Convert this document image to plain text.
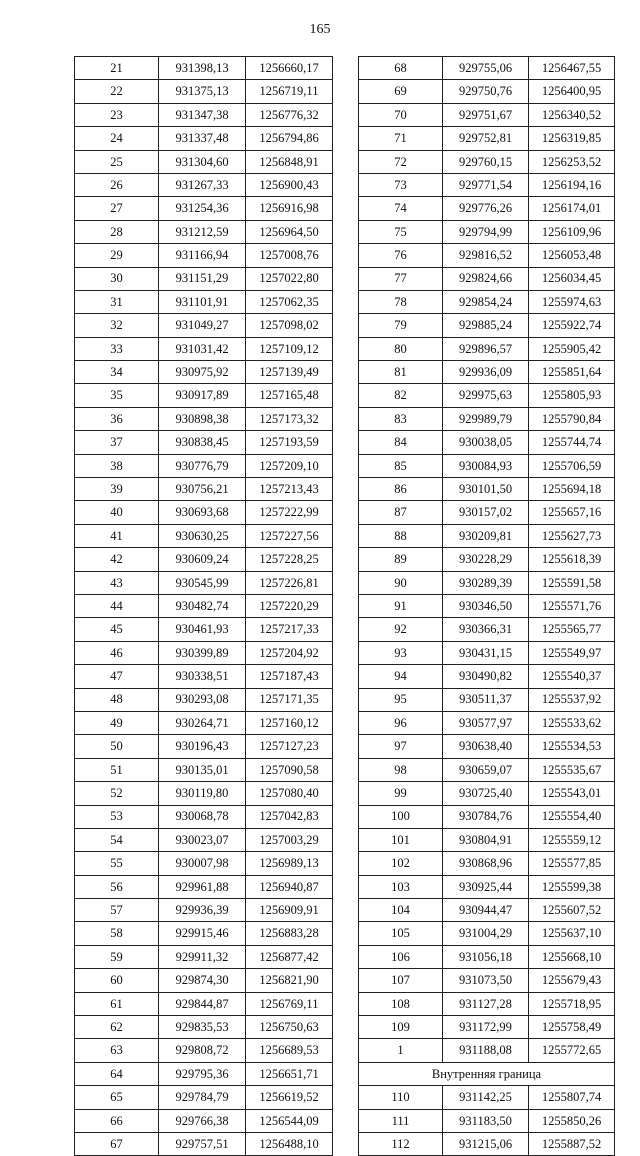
165
21	931398,13	1256660,17
22	931375,13	1256719,11
23	931347,38	1256776,32
24	931337,48	1256794,86
25	931304,60	1256848,91
26	931267,33	1256900,43
27	931254,36	1256916,98
28	931212,59	1256964,50
29	931166,94	1257008,76
30	931151,29	1257022,80
31	931101,91	1257062,35
32	931049,27	1257098,02
33	931031,42	1257109,12
34	930975,92	1257139,49
35	930917,89	1257165,48
36	930898,38	1257173,32
37	930838,45	1257193,59
38	930776,79	1257209,10
39	930756,21	1257213,43
40	930693,68	1257222,99
41	930630,25	1257227,56
42	930609,24	1257228,25
43	930545,99	1257226,81
44	930482,74	1257220,29
45	930461,93	1257217,33
46	930399,89	1257204,92
47	930338,51	1257187,43
48	930293,08	1257171,35
49	930264,71	1257160,12
50	930196,43	1257127,23
51	930135,01	1257090,58
52	930119,80	1257080,40
53	930068,78	1257042,83
54	930023,07	1257003,29
55	930007,98	1256989,13
56	929961,88	1256940,87
57	929936,39	1256909,91
58	929915,46	1256883,28
59	929911,32	1256877,42
60	929874,30	1256821,90
61	929844,87	1256769,11
62	929835,53	1256750,63
63	929808,72	1256689,53
64	929795,36	1256651,71
65	929784,79	1256619,52
66	929766,38	1256544,09
67	929757,51	1256488,10
68	929755,06	1256467,55
69	929750,76	1256400,95
70	929751,67	1256340,52
71	929752,81	1256319,85
72	929760,15	1256253,52
73	929771,54	1256194,16
74	929776,26	1256174,01
75	929794,99	1256109,96
76	929816,52	1256053,48
77	929824,66	1256034,45
78	929854,24	1255974,63
79	929885,24	1255922,74
80	929896,57	1255905,42
81	929936,09	1255851,64
82	929975,63	1255805,93
83	929989,79	1255790,84
84	930038,05	1255744,74
85	930084,93	1255706,59
86	930101,50	1255694,18
87	930157,02	1255657,16
88	930209,81	1255627,73
89	930228,29	1255618,39
90	930289,39	1255591,58
91	930346,50	1255571,76
92	930366,31	1255565,77
93	930431,15	1255549,97
94	930490,82	1255540,37
95	930511,37	1255537,92
96	930577,97	1255533,62
97	930638,40	1255534,53
98	930659,07	1255535,67
99	930725,40	1255543,01
100	930784,76	1255554,40
101	930804,91	1255559,12
102	930868,96	1255577,85
103	930925,44	1255599,38
104	930944,47	1255607,52
105	931004,29	1255637,10
106	931056,18	1255668,10
107	931073,50	1255679,43
108	931127,28	1255718,95
109	931172,99	1255758,49
1	931188,08	1255772,65
Внутренняя граница		
110	931142,25	1255807,74
111	931183,50	1255850,26
112	931215,06	1255887,52
